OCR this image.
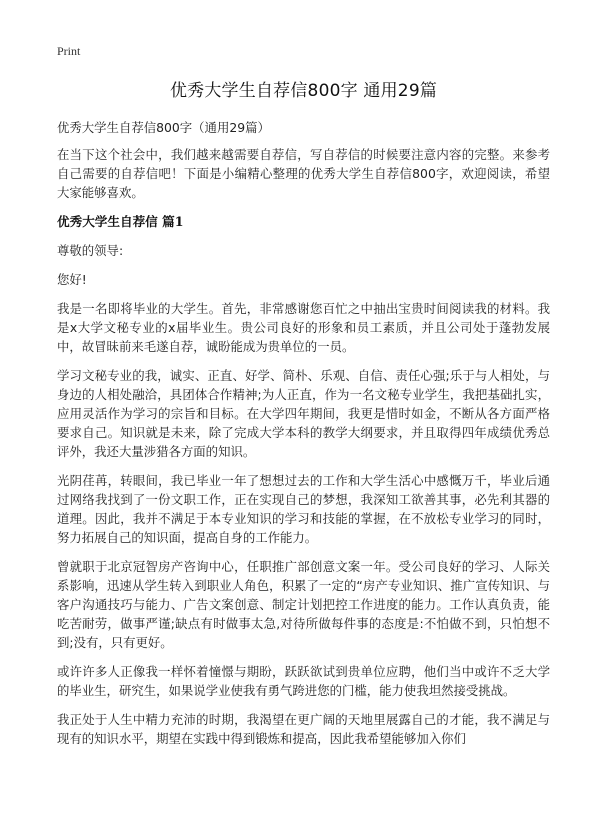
Print
优秀大学生自荐信800字 通用29篇

优秀大学生自荐信800字（通用29篇）

在当下这个社会中，我们越来越需要自荐信，写自荐信的时候要注意内容的完整。来参考自己需要的自荐信吧！下面是小编精心整理的优秀大学生自荐信800字，欢迎阅读，希望大家能够喜欢。

优秀大学生自荐信 篇1

尊敬的领导:

您好!

我是一名即将毕业的大学生。首先，非常感谢您百忙之中抽出宝贵时间阅读我的材料。我是x大学文秘专业的x届毕业生。贵公司良好的形象和员工素质，并且公司处于蓬勃发展中，故冒昧前来毛遂自荐，诚盼能成为贵单位的一员。

学习文秘专业的我，诚实、正直、好学、简朴、乐观、自信、责任心强;乐于与人相处，与身边的人相处融洽，具团体合作精神;为人正直，作为一名文秘专业学生，我把基础扎实，应用灵活作为学习的宗旨和目标。在大学四年期间，我更是惜时如金，不断从各方面严格要求自己。知识就是未来，除了完成大学本科的教学大纲要求，并且取得四年成绩优秀总评外，我还大量涉猎各方面的知识。

光阴荏苒，转眼间，我已毕业一年了想想过去的工作和大学生活心中感慨万千，毕业后通过网络我找到了一份文职工作，正在实现自己的梦想，我深知工欲善其事，必先利其器的道理。因此，我并不满足于本专业知识的学习和技能的掌握，在不放松专业学习的同时，努力拓展自己的知识面，提高自身的工作能力。

曾就职于北京冠智房产咨询中心，任职推广部创意文案一年。受公司良好的学习、人际关系影响，迅速从学生转入到职业人角色，积累了一定的“房产专业知识、推广宣传知识、与客户沟通技巧与能力、广告文案创意、制定计划把控工作进度的能力。工作认真负责，能吃苦耐劳，做事严谨;缺点有时做事太急,对待所做每件事的态度是:不怕做不到，只怕想不到;没有，只有更好。

或许许多人正像我一样怀着憧憬与期盼，跃跃欲试到贵单位应聘，他们当中或许不乏大学的毕业生，研究生，如果说学业使我有勇气跨进您的门槛，能力使我坦然接受挑战。

我正处于人生中精力充沛的时期，我渴望在更广阔的天地里展露自己的才能，我不满足与现有的知识水平，期望在实践中得到锻炼和提高，因此我希望能够加入你们
